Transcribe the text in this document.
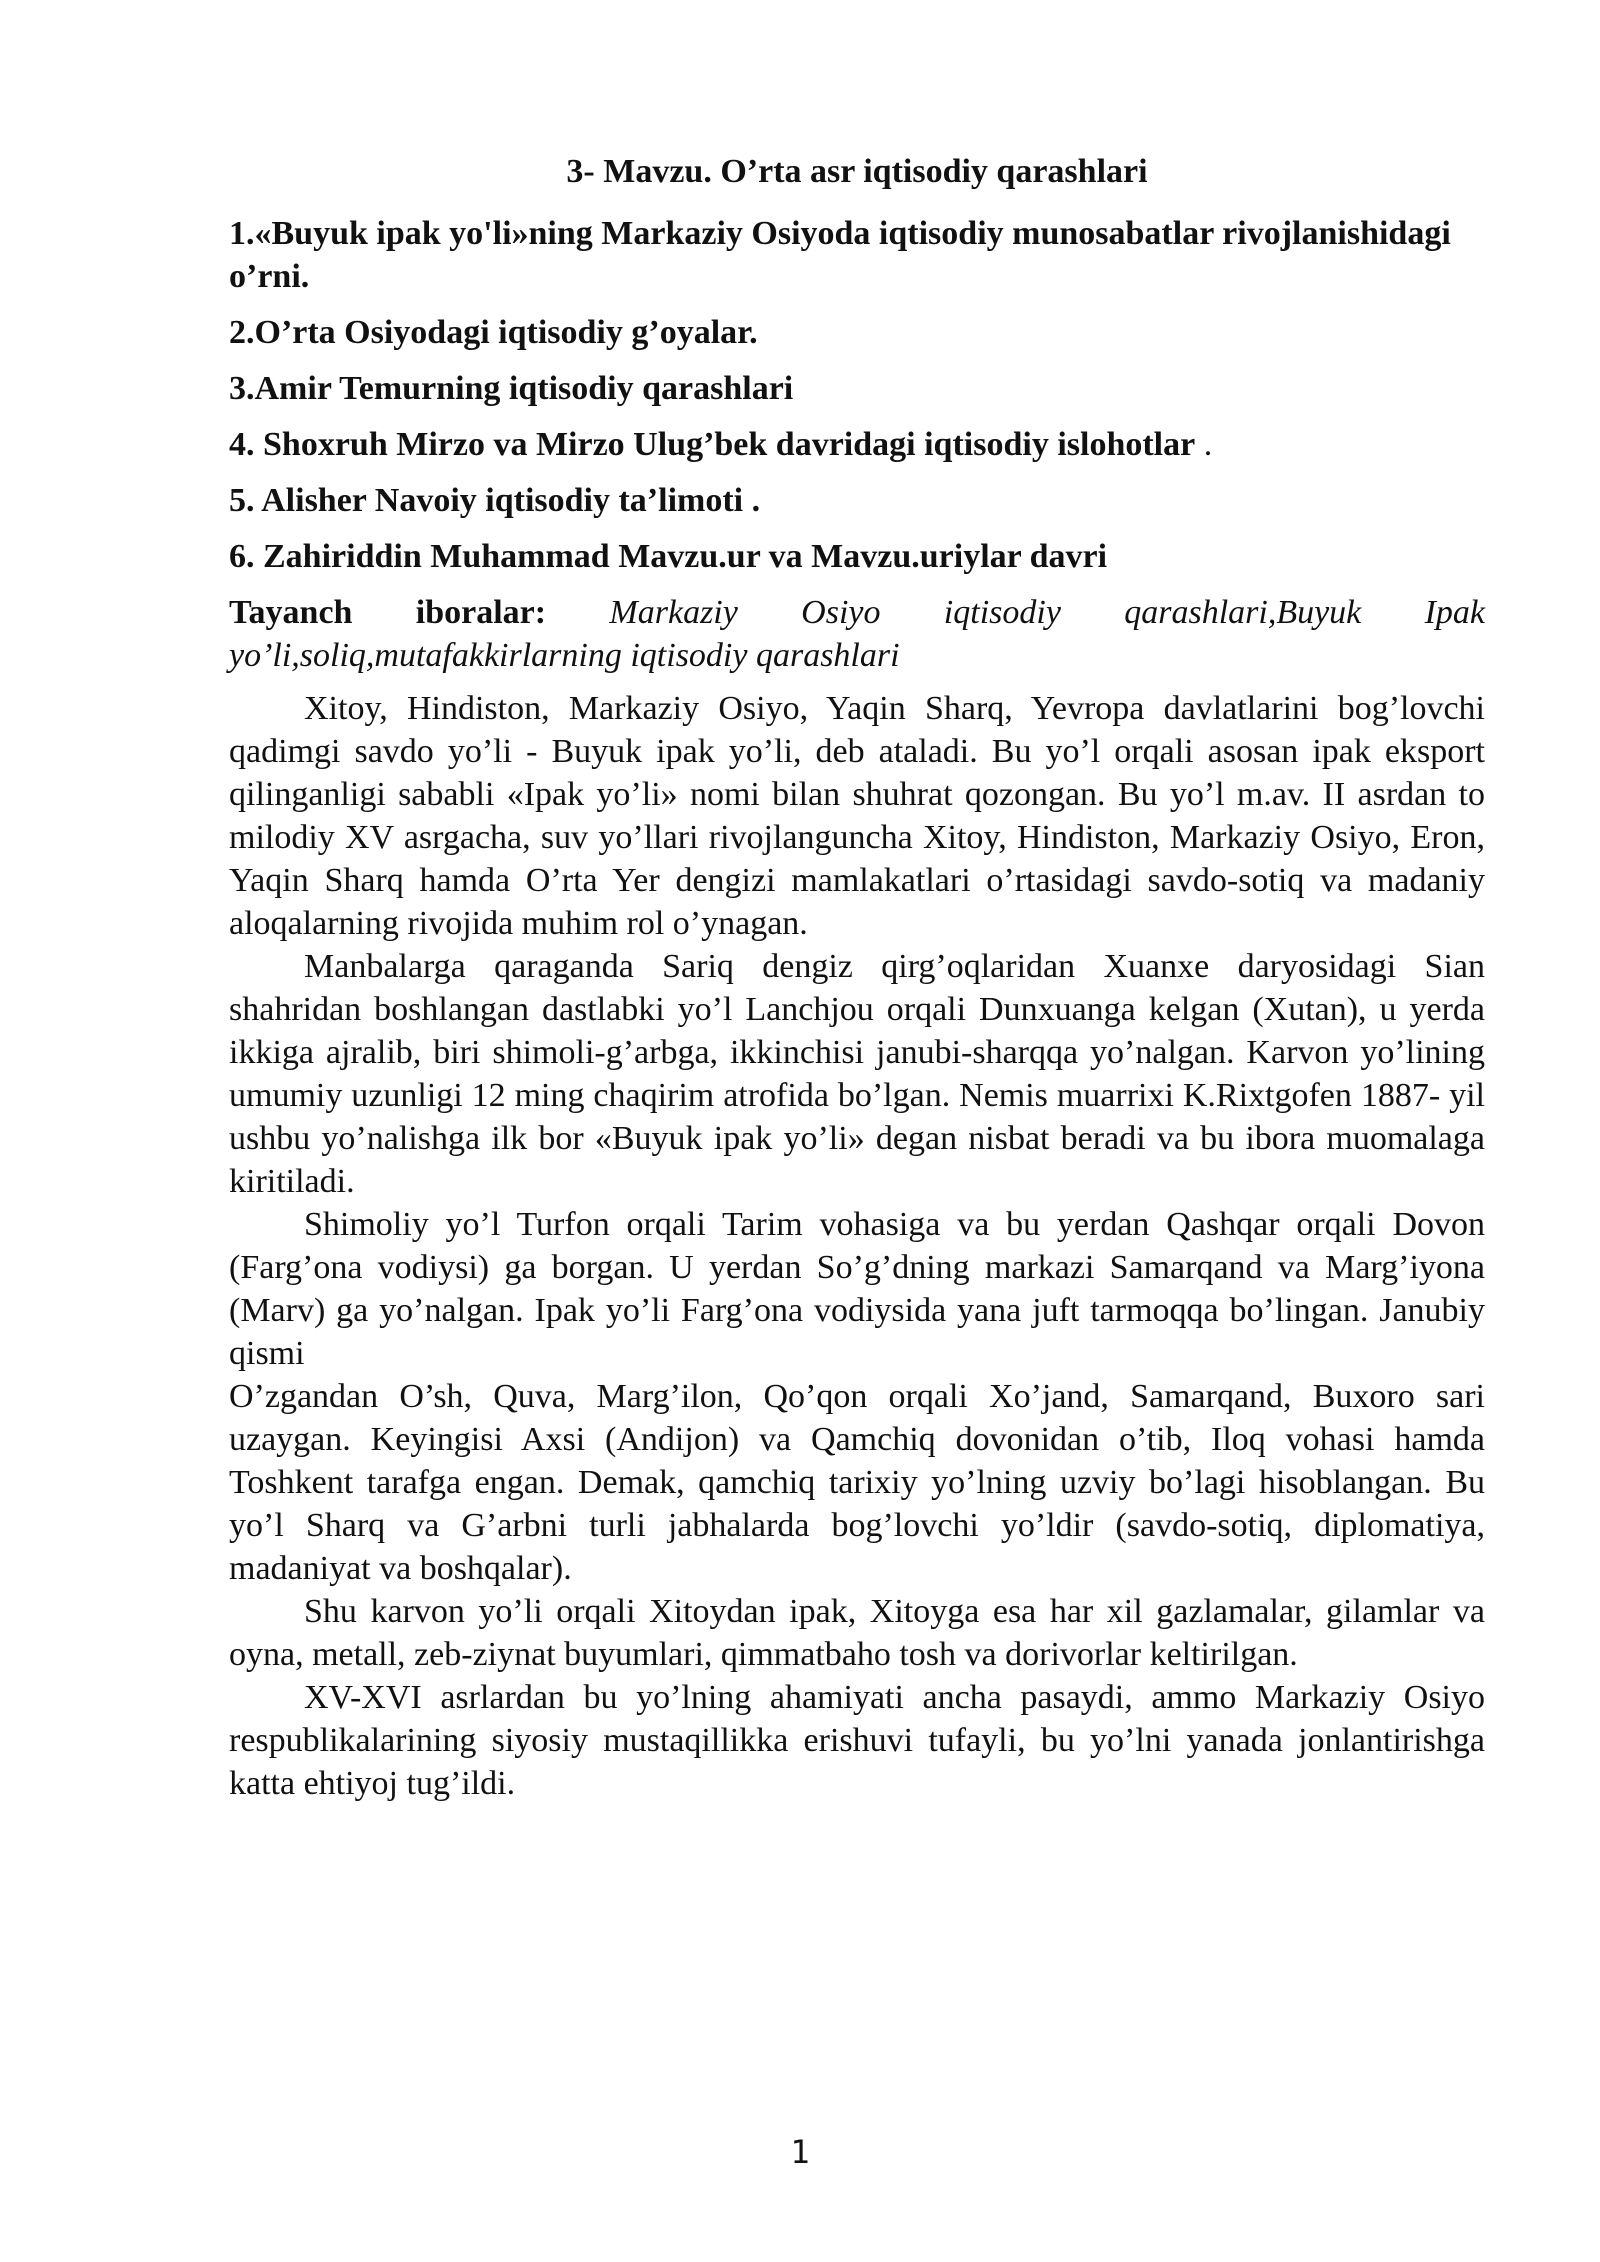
3- Mavzu. O’rta asr iqtisodiy qarashlari
1.«Buyuk ipak yo'li»ning Markaziy Osiyoda iqtisodiy munosabatlar rivojlanishidagi o’rni.
2.O’rta Osiyodagi iqtisodiy g’oyalar.
3.Amir Temurning iqtisodiy qarashlari
4. Shoxruh Mirzo va Mirzo Ulug’bek davridagi iqtisodiy islohotlar .
5. Alisher Navoiy iqtisodiy ta’limoti .
6. Zahiriddin Muhammad Mavzu.ur va Mavzu.uriylar davri

Tayanch iboralar: Markaziy Osiyo iqtisodiy qarashlari,Buyuk Ipak yo’li,soliq,mutafakkirlarning iqtisodiy qarashlari

Xitoy, Hindiston, Markaziy Osiyo, Yaqin Sharq, Yevropa davlatlarini bog’lovchi qadimgi savdo yo’li - Buyuk ipak yo’li, deb ataladi. Bu yo’l orqali asosan ipak eksport qilinganligi sababli «Ipak yo’li» nomi bilan shuhrat qozongan. Bu yo’l m.av. II asrdan to milodiy XV asrgacha, suv yo’llari rivojlanguncha Xitoy, Hindiston, Markaziy Osiyo, Eron, Yaqin Sharq hamda O’rta Yer dengizi mamlakatlari o’rtasidagi savdo-sotiq va madaniy aloqalarning rivojida muhim rol o’ynagan.

Manbalarga qaraganda Sariq dengiz qirg’oqlaridan Xuanxe daryosidagi Sian shahridan boshlangan dastlabki yo’l Lanchjou orqali Dunxuanga kelgan (Xutan), u yerda ikkiga ajralib, biri shimoli-g’arbga, ikkinchisi janubi-sharqqa yo’nalgan. Karvon yo’lining umumiy uzunligi 12 ming chaqirim atrofida bo’lgan. Nemis muarrixi K.Rixtgofen 1887- yil ushbu yo’nalishga ilk bor «Buyuk ipak yo’li» degan nisbat beradi va bu ibora muomalaga kiritiladi.

Shimoliy yo’l Turfon orqali Tarim vohasiga va bu yerdan Qashqar orqali Dovon (Farg’ona vodiysi) ga borgan. U yerdan So’g’dning markazi Samarqand va Marg’iyona (Marv) ga yo’nalgan. Ipak yo’li Farg’ona vodiysida yana juft tarmoqqa bo’lingan. Janubiy qismi

O’zgandan O’sh, Quva, Marg’ilon, Qo’qon orqali Xo’jand, Samarqand, Buxoro sari uzaygan. Keyingisi Axsi (Andijon) va Qamchiq dovonidan o’tib, Iloq vohasi hamda Toshkent tarafga engan. Demak, qamchiq tarixiy yo’lning uzviy bo’lagi hisoblangan. Bu yo’l Sharq va G’arbni turli jabhalarda bog’lovchi yo’ldir (savdo-sotiq, diplomatiya, madaniyat va boshqalar).

Shu karvon yo’li orqali Xitoydan ipak, Xitoyga esa har xil gazlamalar, gilamlar va oyna, metall, zeb-ziynat buyumlari, qimmatbaho tosh va dorivorlar keltirilgan.

XV-XVI asrlardan bu yo’lning ahamiyati ancha pasaydi, ammo Markaziy Osiyo respublikalarining siyosiy mustaqillikka erishuvi tufayli, bu yo’lni yanada jonlantirishga katta ehtiyoj tug’ildi.

1
